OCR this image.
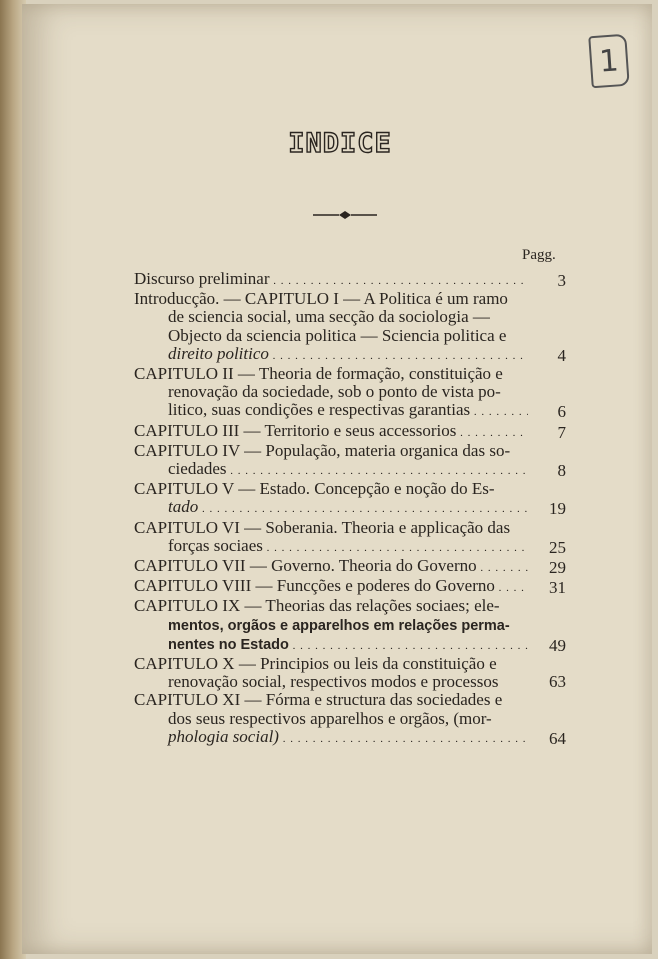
1
INDICE
Pagg.
Discurso preliminar . . .	3
Introducção. — CAPITULO I — A Politica é um ramo
de sciencia social, uma secção da sociologia —
Objecto da sciencia politica — Sciencia politica e
direito politico . . .	4
CAPITULO II — Theoria de formação, constituição e
renovação da sociedade, sob o ponto de vista po-
litico, suas condições e respectivas garantias . . .	6
CAPITULO III — Territorio e seus accessorios . . .	7
CAPITULO IV — População, materia organica das so-
ciedades . . .	8
CAPITULO V — Estado. Concepção e noção do Es-
tado . . .	19
CAPITULO VI — Soberania. Theoria e applicação das
forças sociaes . . .	25
CAPITULO VII — Governo. Theoria do Governo . . .	29
CAPITULO VIII — Funcções e poderes do Governo . . .	31
CAPITULO IX — Theorias das relações sociaes; ele-
mentos, orgãos e apparelhos em relações perma-
nentes no Estado . . .	49
CAPITULO X — Principios ou leis da constituição e
renovação social, respectivos modos e processos	63
CAPITULO XI — Fórma e structura das sociedades e
dos seus respectivos apparelhos e orgãos, (mor-
phologia social) . . .	64
